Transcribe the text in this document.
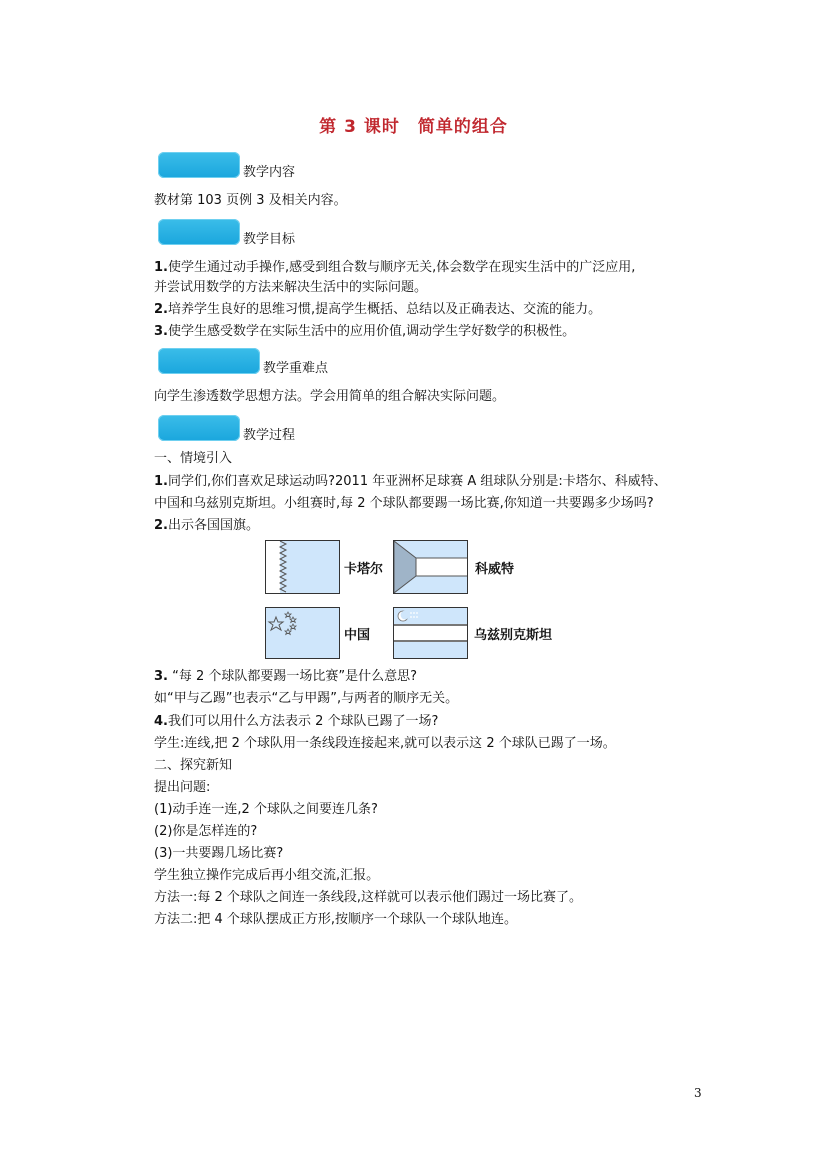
第 3 课时　简单的组合
教学内容
教材第 103 页例 3 及相关内容。
教学目标
1.使学生通过动手操作,感受到组合数与顺序无关,体会数学在现实生活中的广泛应用,
并尝试用数学的方法来解决生活中的实际问题。
2.培养学生良好的思维习惯,提高学生概括、总结以及正确表达、交流的能力。
3.使学生感受数学在实际生活中的应用价值,调动学生学好数学的积极性。
教学重难点
向学生渗透数学思想方法。学会用简单的组合解决实际问题。
教学过程
一、情境引入
1.同学们,你们喜欢足球运动吗?2011 年亚洲杯足球赛 A 组球队分别是:卡塔尔、科威特、
中国和乌兹别克斯坦。小组赛时,每 2 个球队都要踢一场比赛,你知道一共要踢多少场吗?
2.出示各国国旗。
卡塔尔	科威特
中国	乌兹别克斯坦
3. “每 2 个球队都要踢一场比赛”是什么意思?
如“甲与乙踢”也表示“乙与甲踢”,与两者的顺序无关。
4.我们可以用什么方法表示 2 个球队已踢了一场?
学生:连线,把 2 个球队用一条线段连接起来,就可以表示这 2 个球队已踢了一场。
二、探究新知
提出问题:
(1)动手连一连,2 个球队之间要连几条?
(2)你是怎样连的?
(3)一共要踢几场比赛?
学生独立操作完成后再小组交流,汇报。
方法一:每 2 个球队之间连一条线段,这样就可以表示他们踢过一场比赛了。
方法二:把 4 个球队摆成正方形,按顺序一个球队一个球队地连。
3
